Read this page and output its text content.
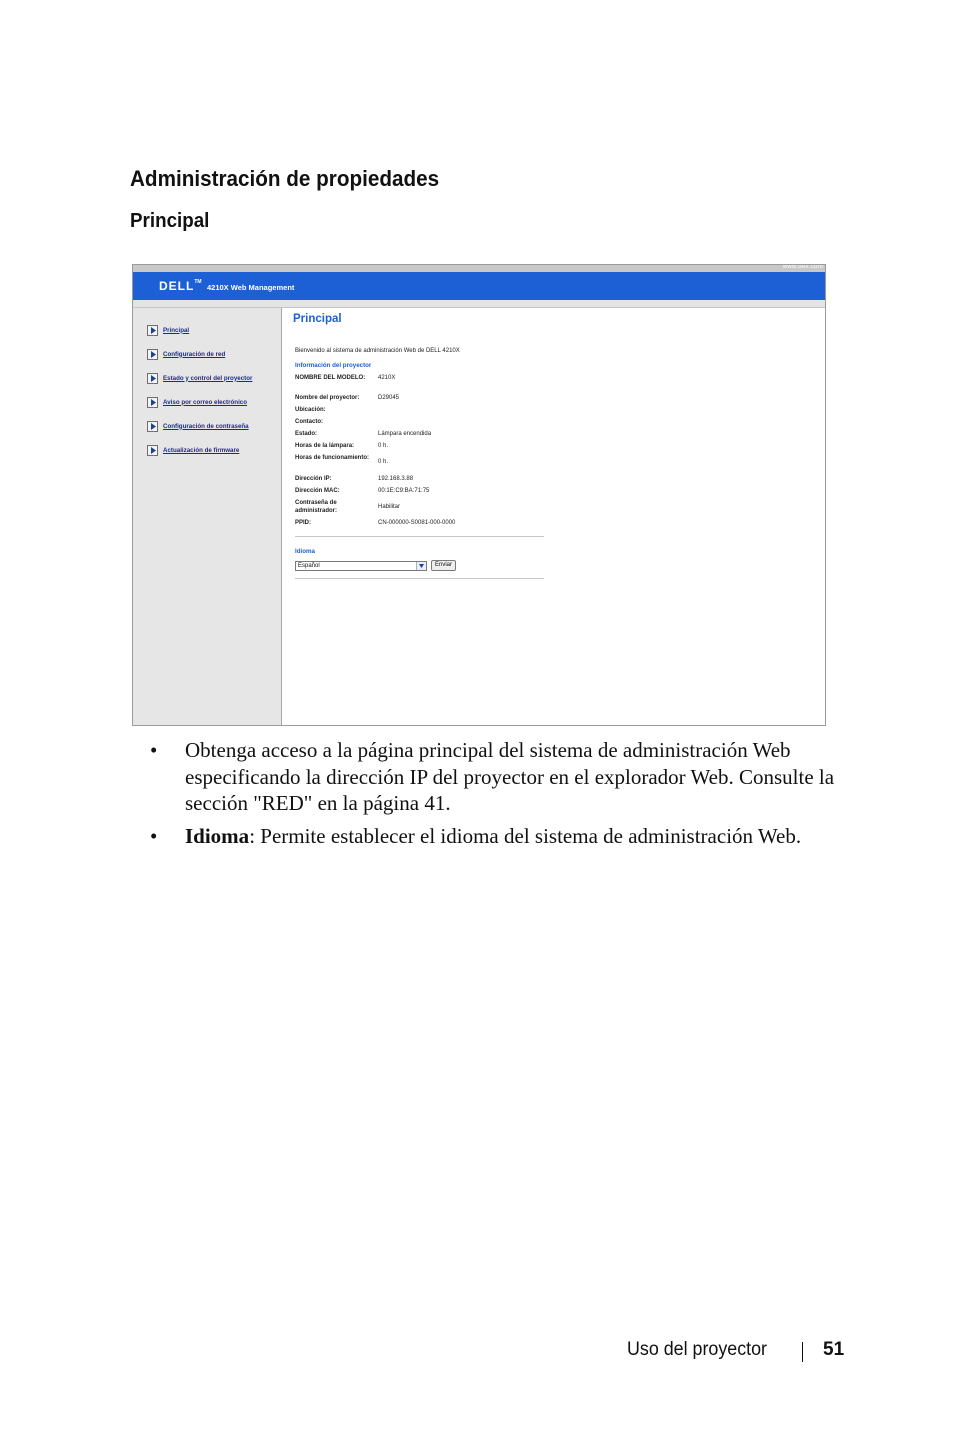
Administración de propiedades
Principal
www.dell.com
DELL™
4210X Web Management
Principal
Configuración de red
Estado y control del proyector
Aviso por correo electrónico
Configuración de contraseña
Actualización de firmware
Principal
Bienvenido al sistema de administración Web de DELL 4210X
Información del proyector
NOMBRE DEL MODELO:	4210X
Nombre del proyector:	D29045
Ubicación:
Contacto:
Estado:	Lámpara encendida
Horas de la lámpara:	0 h.
Horas de funcionamiento:
0 h.
Dirección IP:	192.168.3.88
Dirección MAC:	00:1E:C9:BA:71:75
Contraseña de administrador:
Habilitar
PPID:	CN-000000-S0081-000-0000
Idioma
Español	Enviar
• Obtenga acceso a la página principal del sistema de administración Web especificando la dirección IP del proyector en el explorador Web. Consulte la sección "RED" en la página 41.
• Idioma: Permite establecer el idioma del sistema de administración Web.
Uso del proyector	51
